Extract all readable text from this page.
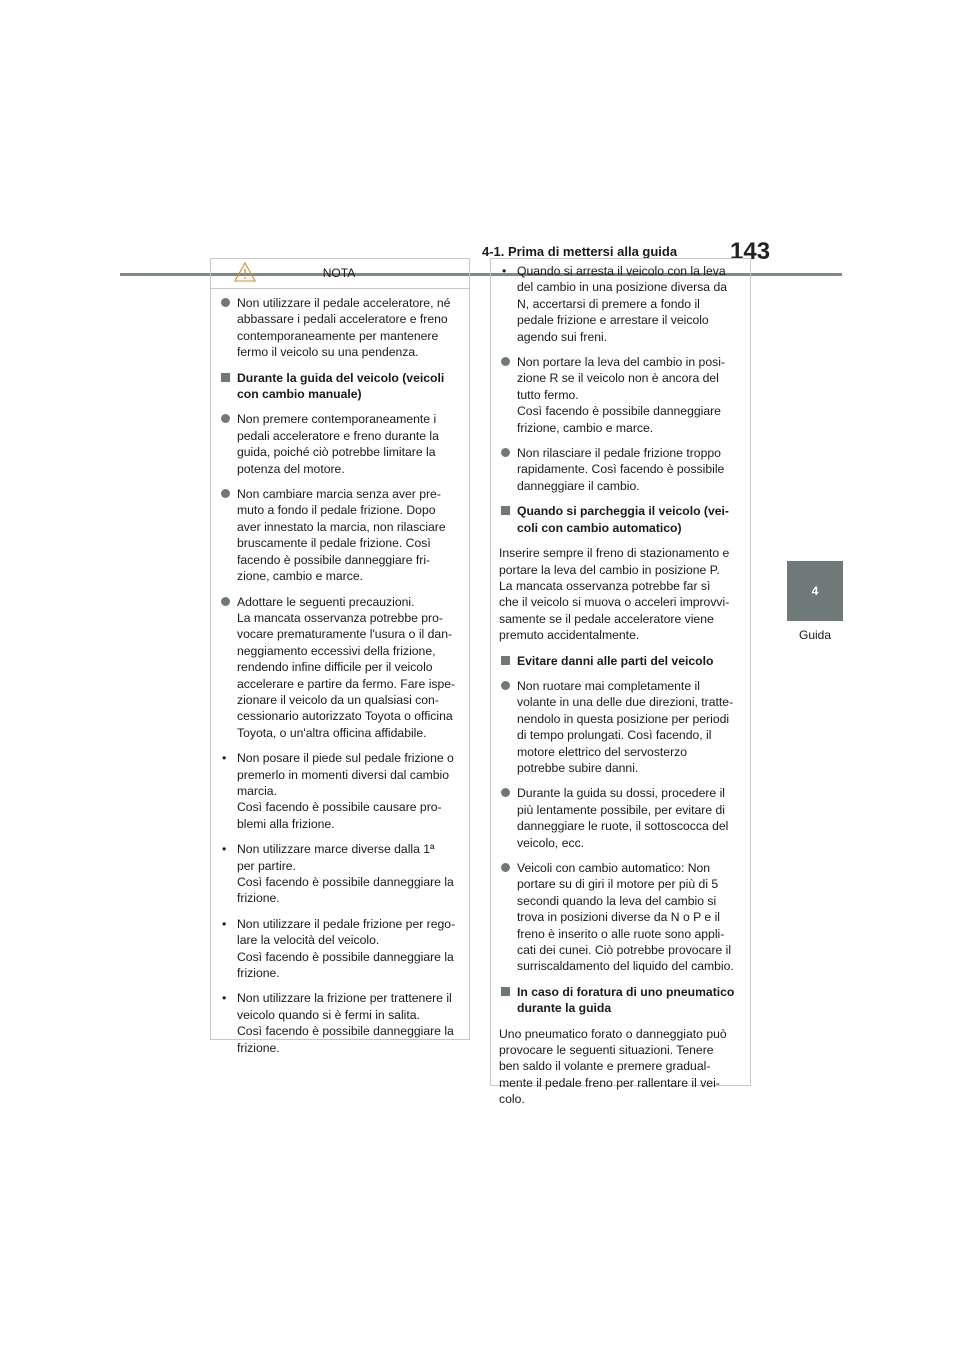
4-1. Prima di mettersi alla guida 143
4
Guida
NOTA
Non utilizzare il pedale acceleratore, né
abbassare i pedali acceleratore e freno
contemporaneamente per mantenere
fermo il veicolo su una pendenza.
Durante la guida del veicolo (veicoli
con cambio manuale)
Non premere contemporaneamente i
pedali acceleratore e freno durante la
guida, poiché ciò potrebbe limitare la
potenza del motore.
Non cambiare marcia senza aver pre-
muto a fondo il pedale frizione. Dopo
aver innestato la marcia, non rilasciare
bruscamente il pedale frizione. Così
facendo è possibile danneggiare fri-
zione, cambio e marce.
Adottare le seguenti precauzioni.
La mancata osservanza potrebbe pro-
vocare prematuramente l'usura o il dan-
neggiamento eccessivi della frizione,
rendendo infine difficile per il veicolo
accelerare e partire da fermo. Fare ispe-
zionare il veicolo da un qualsiasi con-
cessionario autorizzato Toyota o officina
Toyota, o un'altra officina affidabile.
• Non posare il piede sul pedale frizione o
premerlo in momenti diversi dal cambio
marcia.
Così facendo è possibile causare pro-
blemi alla frizione.
• Non utilizzare marce diverse dalla 1ª
per partire.
Così facendo è possibile danneggiare la
frizione.
• Non utilizzare il pedale frizione per rego-
lare la velocità del veicolo.
Così facendo è possibile danneggiare la
frizione.
• Non utilizzare la frizione per trattenere il
veicolo quando si è fermi in salita.
Così facendo è possibile danneggiare la
frizione.
• Quando si arresta il veicolo con la leva
del cambio in una posizione diversa da
N, accertarsi di premere a fondo il
pedale frizione e arrestare il veicolo
agendo sui freni.
Non portare la leva del cambio in posi-
zione R se il veicolo non è ancora del
tutto fermo.
Così facendo è possibile danneggiare
frizione, cambio e marce.
Non rilasciare il pedale frizione troppo
rapidamente. Così facendo è possibile
danneggiare il cambio.
Quando si parcheggia il veicolo (vei-
coli con cambio automatico)
Inserire sempre il freno di stazionamento e
portare la leva del cambio in posizione P.
La mancata osservanza potrebbe far sì
che il veicolo si muova o acceleri improvvi-
samente se il pedale acceleratore viene
premuto accidentalmente.
Evitare danni alle parti del veicolo
Non ruotare mai completamente il
volante in una delle due direzioni, tratte-
nendolo in questa posizione per periodi
di tempo prolungati. Così facendo, il
motore elettrico del servosterzo
potrebbe subire danni.
Durante la guida su dossi, procedere il
più lentamente possibile, per evitare di
danneggiare le ruote, il sottoscocca del
veicolo, ecc.
Veicoli con cambio automatico: Non
portare su di giri il motore per più di 5
secondi quando la leva del cambio si
trova in posizioni diverse da N o P e il
freno è inserito o alle ruote sono appli-
cati dei cunei. Ciò potrebbe provocare il
surriscaldamento del liquido del cambio.
In caso di foratura di uno pneumatico
durante la guida
Uno pneumatico forato o danneggiato può
provocare le seguenti situazioni. Tenere
ben saldo il volante e premere gradual-
mente il pedale freno per rallentare il vei-
colo.
